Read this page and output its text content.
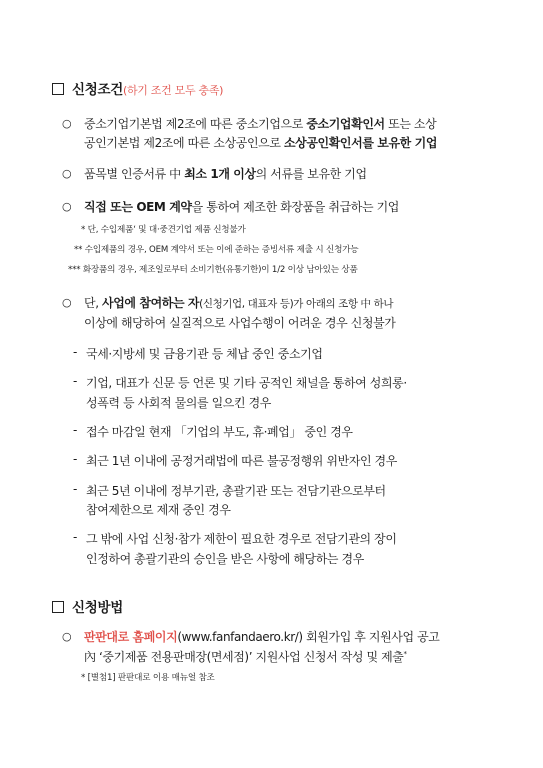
신청조건(하기 조건 모두 충족)
○ 중소기업기본법 제2조에 따른 중소기업으로 중소기업확인서 또는 소상
공인기본법 제2조에 따른 소상공인으로 소상공인확인서를 보유한 기업
○ 품목별 인증서류 中 최소 1개 이상의 서류를 보유한 기업
○ 직접 또는 OEM 계약을 통하여 제조한 화장품을 취급하는 기업
* 단, 수입제품‘ 및 대·중견기업 제품 신청불가
** 수입제품의 경우, OEM 계약서 또는 이에 준하는 증빙서류 제출 시 신청가능
*** 화장품의 경우, 제조일로부터 소비기한(유통기한)이 1/2 이상 남아있는 상품
○ 단, 사업에 참여하는 자(신청기업, 대표자 등)가 아래의 조항 中 하나
이상에 해당하여 실질적으로 사업수행이 어려운 경우 신청불가
- 국세·지방세 및 금융기관 등 체납 중인 중소기업
- 기업, 대표가 신문 등 언론 및 기타 공적인 채널을 통하여 성희롱·
성폭력 등 사회적 물의를 일으킨 경우
- 접수 마감일 현재 「기업의 부도, 휴·폐업」 중인 경우
- 최근 1년 이내에 공정거래법에 따른 불공정행위 위반자인 경우
- 최근 5년 이내에 정부기관, 총괄기관 또는 전담기관으로부터
참여제한으로 제재 중인 경우
- 그 밖에 사업 신청·참가 제한이 필요한 경우로 전담기관의 장이
인정하여 총괄기관의 승인을 받은 사항에 해당하는 경우
신청방법
○ 판판대로 홈페이지(www.fanfandaero.kr/) 회원가입 후 지원사업 공고
內 ‘중기제품 전용판매장(면세점)’ 지원사업 신청서 작성 및 제출*
* [별첨1] 판판대로 이용 매뉴얼 참조
